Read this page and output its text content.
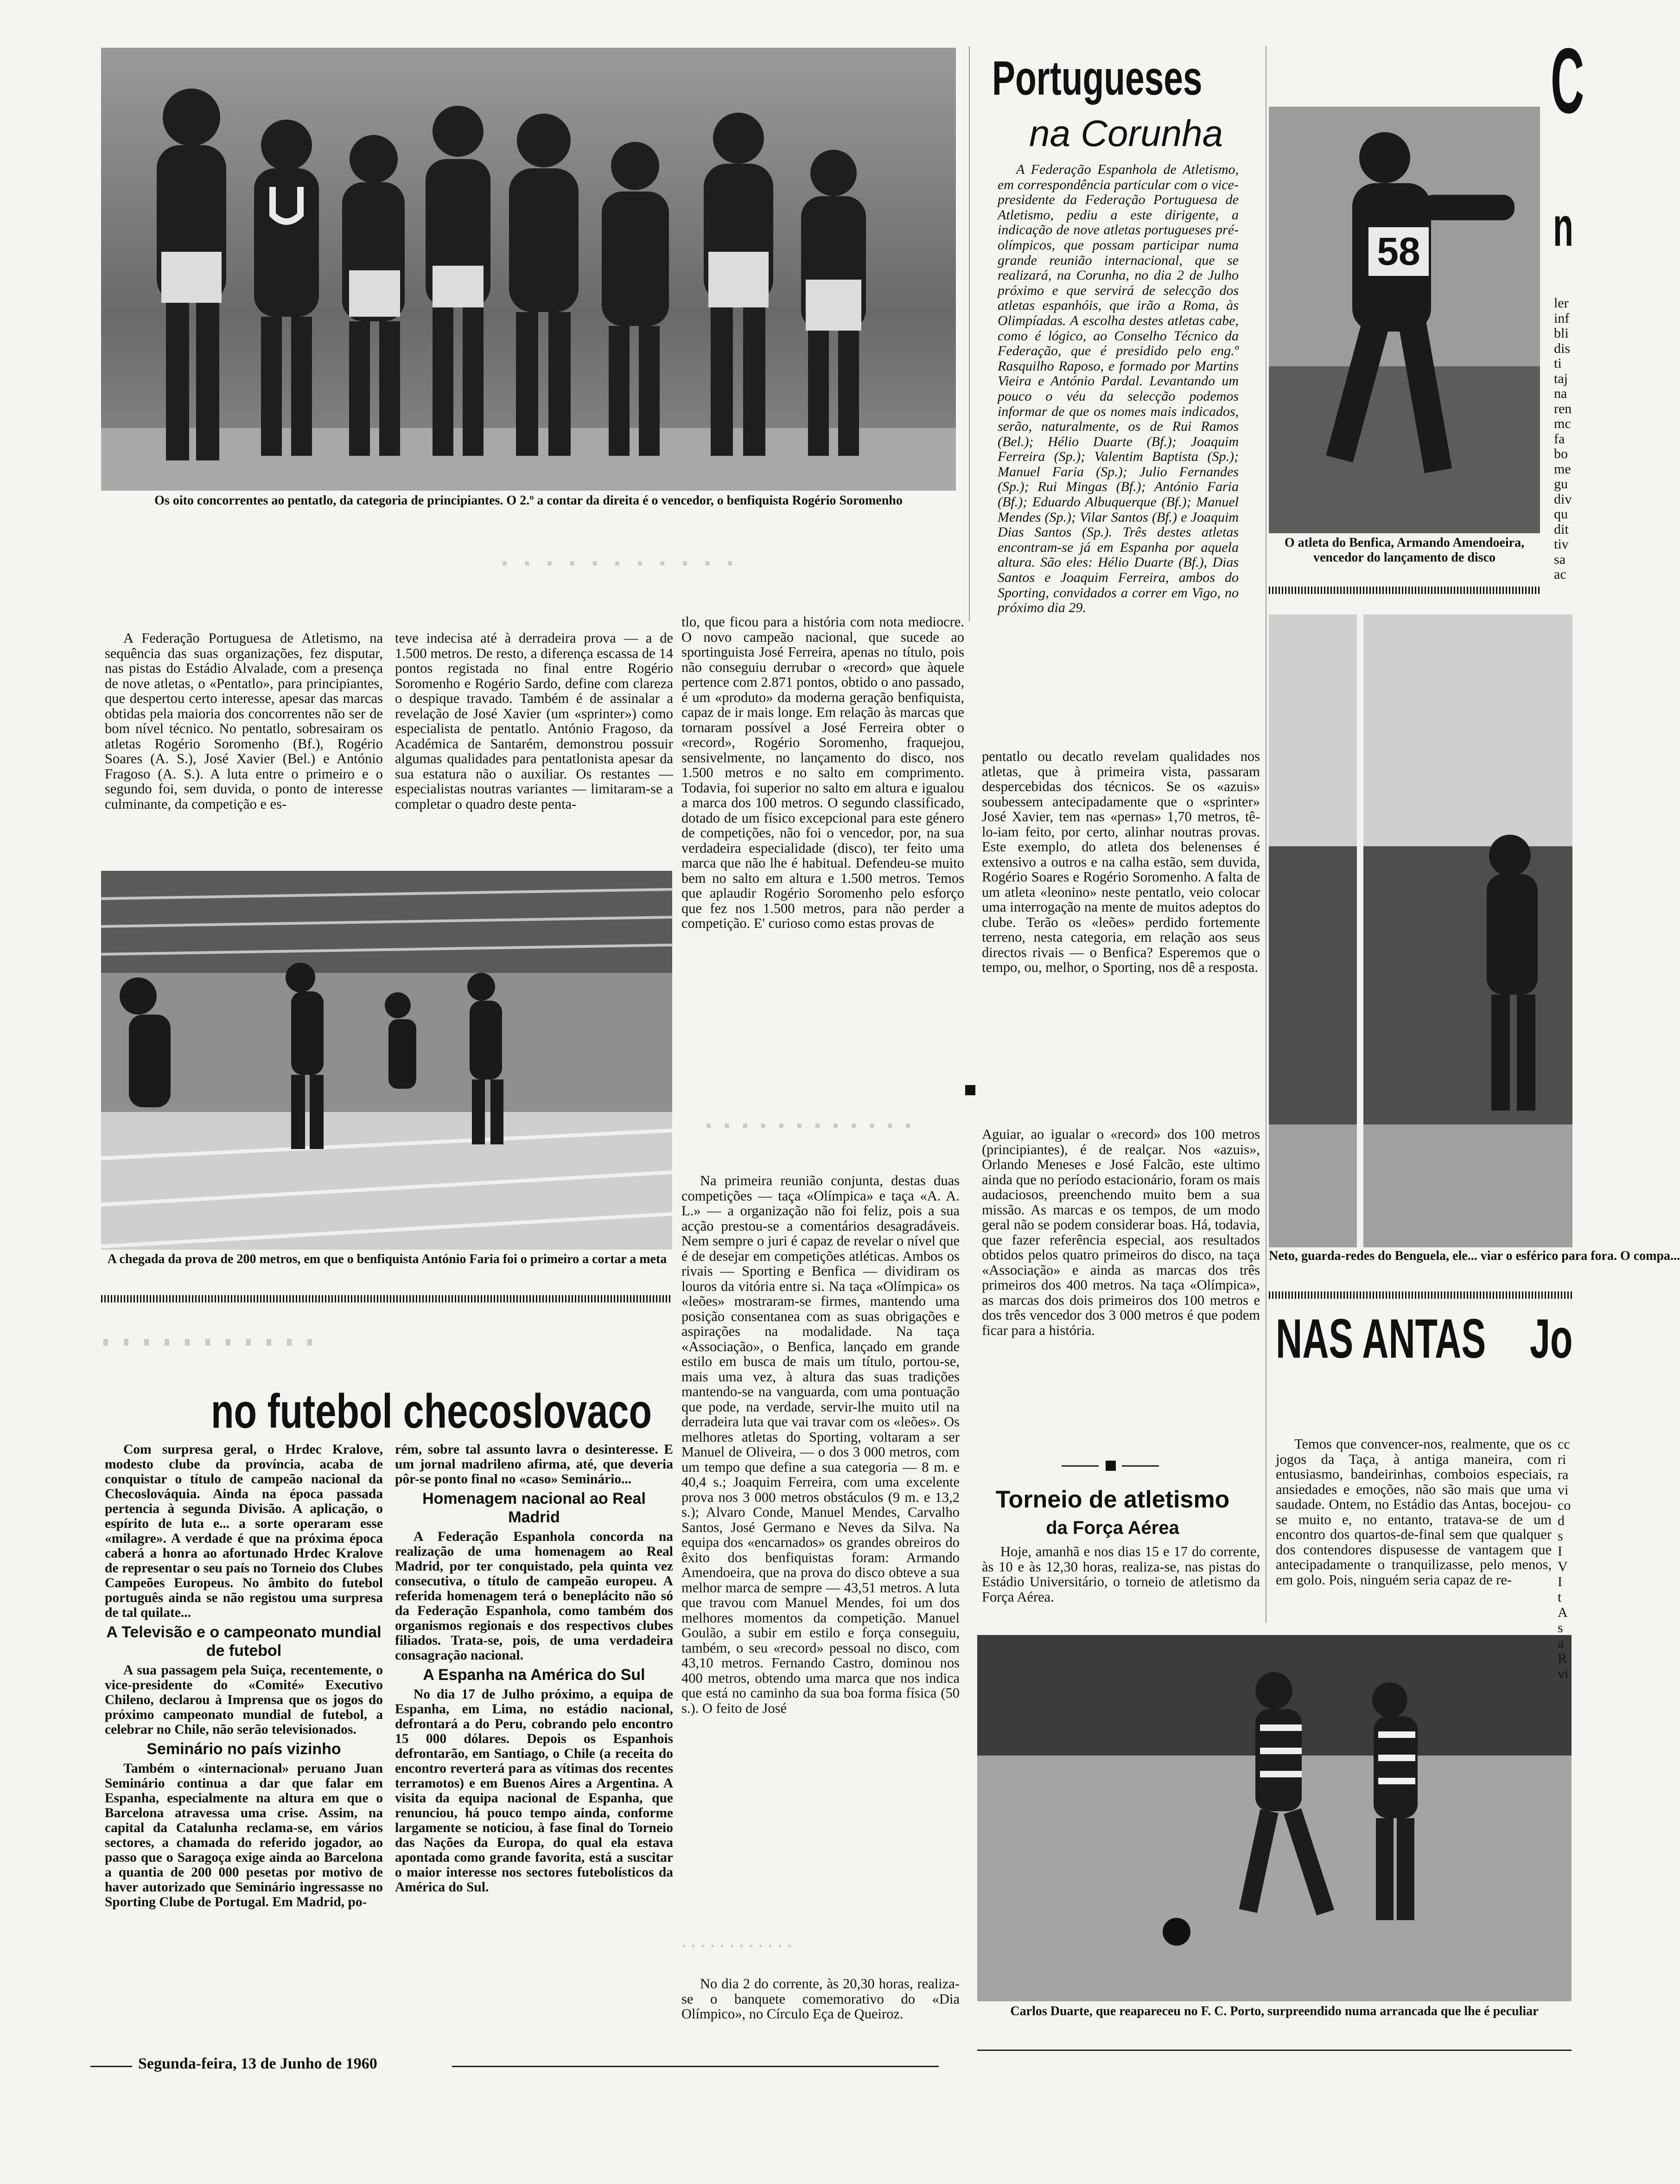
Os oito concorrentes ao pentatlo, da categoria de principiantes. O 2.º a contar da direita é o vencedor, o benfiquista Rogério Soromenho
· · · · · · · · · · ·
Portugueses
na Corunha
A Federação Espanhola de Atletismo, em correspondência particular com o vice-presidente da Federação Portuguesa de Atletismo, pediu a este dirigente, a indicação de nove atletas portugueses pré-olímpicos, que possam participar numa grande reunião internacional, que se realizará, na Corunha, no dia 2 de Julho próximo e que servirá de selecção dos atletas espanhóis, que irão a Roma, às Olimpíadas. A escolha destes atletas cabe, como é lógico, ao Conselho Técnico da Federação, que é presidido pelo eng.º Rasquilho Raposo, e formado por Martins Vieira e António Pardal. Levantando um pouco o véu da selecção podemos informar de que os nomes mais indicados, serão, naturalmente, os de Rui Ramos (Bel.); Hélio Duarte (Bf.); Joaquim Ferreira (Sp.); Valentim Baptista (Sp.); Manuel Faria (Sp.); Julio Fernandes (Sp.); Rui Mingas (Bf.); António Faria (Bf.); Eduardo Albuquerque (Bf.); Manuel Mendes (Sp.); Vilar Santos (Bf.) e Joaquim Dias Santos (Sp.). Três destes atletas encontram-se já em Espanha por aquela altura. São eles: Hélio Duarte (Bf.), Dias Santos e Joaquim Ferreira, ambos do Sporting, convidados a correr em Vigo, no próximo dia 29.
A Federação Portuguesa de Atletismo, na sequência das suas organizações, fez disputar, nas pistas do Estádio Alvalade, com a presença de nove atletas, o «Pentatlo», para principiantes, que despertou certo interesse, apesar das marcas obtidas pela maioria dos concorrentes não ser de bom nível técnico. No pentatlo, sobresairam os atletas Rogério Soromenho (Bf.), Rogério Soares (A. S.), José Xavier (Bel.) e António Fragoso (A. S.). A luta entre o primeiro e o segundo foi, sem duvida, o ponto de interesse culminante, da competição e es-
teve indecisa até à derradeira prova — a de 1.500 metros. De resto, a diferença escassa de 14 pontos registada no final entre Rogério Soromenho e Rogério Sardo, define com clareza o despique travado. Também é de assinalar a revelação de José Xavier (um «sprinter») como especialista de pentatlo. António Fragoso, da Académica de Santarém, demonstrou possuir algumas qualidades para pentatlonista apesar da sua estatura não o auxiliar. Os restantes — especialistas noutras variantes — limitaram-se a completar o quadro deste penta-
tlo, que ficou para a história com nota mediocre. O novo campeão nacional, que sucede ao sportinguista José Ferreira, apenas no título, pois não conseguiu derrubar o «record» que àquele pertence com 2.871 pontos, obtido o ano passado, é um «produto» da moderna geração benfiquista, capaz de ir mais longe. Em relação às marcas que tornaram possível a José Ferreira obter o «record», Rogério Soromenho, fraquejou, sensivelmente, no lançamento do disco, nos 1.500 metros e no salto em comprimento. Todavia, foi superior no salto em altura e igualou a marca dos 100 metros. O segundo classificado, dotado de um físico excepcional para este género de competições, não foi o vencedor, por, na sua verdadeira especialidade (disco), ter feito uma marca que não lhe é habitual. Defendeu-se muito bem no salto em altura e 1.500 metros. Temos que aplaudir Rogério Soromenho pelo esforço que fez nos 1.500 metros, para não perder a competição. E' curioso como estas provas de
pentatlo ou decatlo revelam qualidades nos atletas, que à primeira vista, passaram despercebidas dos técnicos. Se os «azuis» soubessem antecipadamente que o «sprinter» José Xavier, tem nas «pernas» 1,70 metros, tê-lo-iam feito, por certo, alinhar noutras provas. Este exemplo, do atleta dos belenenses é extensivo a outros e na calha estão, sem duvida, Rogério Soares e Rogério Soromenho. A falta de um atleta «leonino» neste pentatlo, veio colocar uma interrogação na mente de muitos adeptos do clube. Terão os «leões» perdido fortemente terreno, nesta categoria, em relação aos seus directos rivais — o Benfica? Esperemos que o tempo, ou, melhor, o Sporting, nos dê a resposta.
A chegada da prova de 200 metros, em que o benfiquista António Faria foi o primeiro a cortar a meta
· · · · · · · · · · ·
no futebol checoslovaco

Com surpresa geral, o Hrdec Kralove, modesto clube da província, acaba de conquistar o título de campeão nacional da Checoslováquia. Ainda na época passada pertencia à segunda Divisão. A aplicação, o espírito de luta e... a sorte operaram esse «milagre». A verdade é que na próxima época caberá a honra ao afortunado Hrdec Kralove de representar o seu país no Torneio dos Clubes Campeões Europeus. No âmbito do futebol português ainda se não registou uma surpresa de tal quilate...

A Televisão e o campeonato mundial de futebol

A sua passagem pela Suiça, recentemente, o vice-presidente do «Comité» Executivo Chileno, declarou à Imprensa que os jogos do próximo campeonato mundial de futebol, a celebrar no Chile, não serão televisionados.

Seminário no país vizinho

Também o «internacional» peruano Juan Seminário continua a dar que falar em Espanha, especialmente na altura em que o Barcelona atravessa uma crise. Assim, na capital da Catalunha reclama-se, em vários sectores, a chamada do referido jogador, ao passo que o Saragoça exige ainda ao Barcelona a quantia de 200 000 pesetas por motivo de haver autorizado que Seminário ingressasse no Sporting Clube de Portugal. Em Madrid, po-

rém, sobre tal assunto lavra o desinteresse. E um jornal madrileno afirma, até, que deveria pôr-se ponto final no «caso» Seminário...

Homenagem nacional ao Real Madrid

A Federação Espanhola concorda na realização de uma homenagem ao Real Madrid, por ter conquistado, pela quinta vez consecutiva, o título de campeão europeu. A referida homenagem terá o beneplácito não só da Federação Espanhola, como também dos organismos regionais e dos respectivos clubes filiados. Trata-se, pois, de uma verdadeira consagração nacional.

A Espanha na América do Sul

No dia 17 de Julho próximo, a equipa de Espanha, em Lima, no estádio nacional, defrontará a do Peru, cobrando pelo encontro 15 000 dólares. Depois os Espanhois defrontarão, em Santiago, o Chile (a receita do encontro reverterá para as vítimas dos recentes terramotos) e em Buenos Aires a Argentina. A visita da equipa nacional de Espanha, que renunciou, há pouco tempo ainda, conforme largamente se noticiou, à fase final do Torneio das Nações da Europa, do qual ela estava apontada como grande favorita, está a suscitar o maior interesse nos sectores futebolísticos da América do Sul.

Segunda-feira, 13 de Junho de 1960
· · · · · · · · · · · ·
Na primeira reunião conjunta, destas duas competições — taça «Olímpica» e taça «A. A. L.» — a organização não foi feliz, pois a sua acção prestou-se a comentários desagradáveis. Nem sempre o juri é capaz de revelar o nível que é de desejar em competições atléticas. Ambos os rivais — Sporting e Benfica — dividiram os louros da vitória entre si. Na taça «Olímpica» os «leões» mostraram-se firmes, mantendo uma posição consentanea com as suas obrigações e aspirações na modalidade. Na taça «Associação», o Benfica, lançado em grande estilo em busca de mais um título, portou-se, mais uma vez, à altura das suas tradições mantendo-se na vanguarda, com uma pontuação que pode, na verdade, servir-lhe muito util na derradeira luta que vai travar com os «leões». Os melhores atletas do Sporting, voltaram a ser Manuel de Oliveira, — o dos 3 000 metros, com um tempo que define a sua categoria — 8 m. e 40,4 s.; Joaquim Ferreira, com uma excelente prova nos 3 000 metros obstáculos (9 m. e 13,2 s.); Alvaro Conde, Manuel Mendes, Carvalho Santos, José Germano e Neves da Silva. Na equipa dos «encarnados» os grandes obreiros do êxito dos benfiquistas foram: Armando Amendoeira, que na prova do disco obteve a sua melhor marca de sempre — 43,51 metros. A luta que travou com Manuel Mendes, foi um dos melhores momentos da competição. Manuel Goulão, a subir em estilo e força conseguiu, também, o seu «record» pessoal no disco, com 43,10 metros. Fernando Castro, dominou nos 400 metros, obtendo uma marca que nos indica que está no caminho da sua boa forma física (50 s.). O feito de José
Aguiar, ao igualar o «record» dos 100 metros (principiantes), é de realçar. Nos «azuis», Orlando Meneses e José Falcão, este ultimo ainda que no período estacionário, foram os mais audaciosos, preenchendo muito bem a sua missão. As marcas e os tempos, de um modo geral não se podem considerar boas. Há, todavia, que fazer referência especial, aos resultados obtidos pelos quatro primeiros do disco, na taça «Associação» e ainda as marcas dos três primeiros dos 400 metros. Na taça «Olímpica», as marcas dos dois primeiros dos 100 metros e dos três vencedor dos 3 000 metros é que podem ficar para a história.
Torneio de atletismo
da Força Aérea
Hoje, amanhã e nos dias 15 e 17 do corrente, às 10 e às 12,30 horas, realiza-se, nas pistas do Estádio Universitário, o torneio de atletismo da Força Aérea.
· · · · · · · · · · · ·
No dia 2 do corrente, às 20,30 horas, realiza-se o banquete comemorativo do «Dia Olímpico», no Círculo Eça de Queiroz.	Carlos Duarte, que reapareceu no F. C. Porto, surpreendido numa arrancada que lhe é peculiar
58
O atleta do Benfica, Armando Amendoeira, vencedor do lançamento de disco
Neto, guarda-redes do Benguela, ele... viar o esférico para fora. O compa...
NAS ANTAS Jo
Temos que convencer-nos, realmente, que os jogos da Taça, à antiga maneira, com entusiasmo, bandeirinhas, comboios especiais, ansiedades e emoções, não são mais que uma saudade. Ontem, no Estádio das Antas, bocejou-se muito e, no entanto, tratava-se de um encontro dos quartos-de-final sem que qualquer dos contendores dispusesse de vantagem que antecipadamente o tranquilizasse, pelo menos, em golo. Pois, ninguém seria capaz de re-
C
n
ler
inf
bli
dis
ti
taj
na
ren
mc
fa
bo
me
gu
div
qu
dit
tiv
sa
ac
cc
ri
ra
vi
co
d
s
I
V
I
t
A
s
a
R
vi
